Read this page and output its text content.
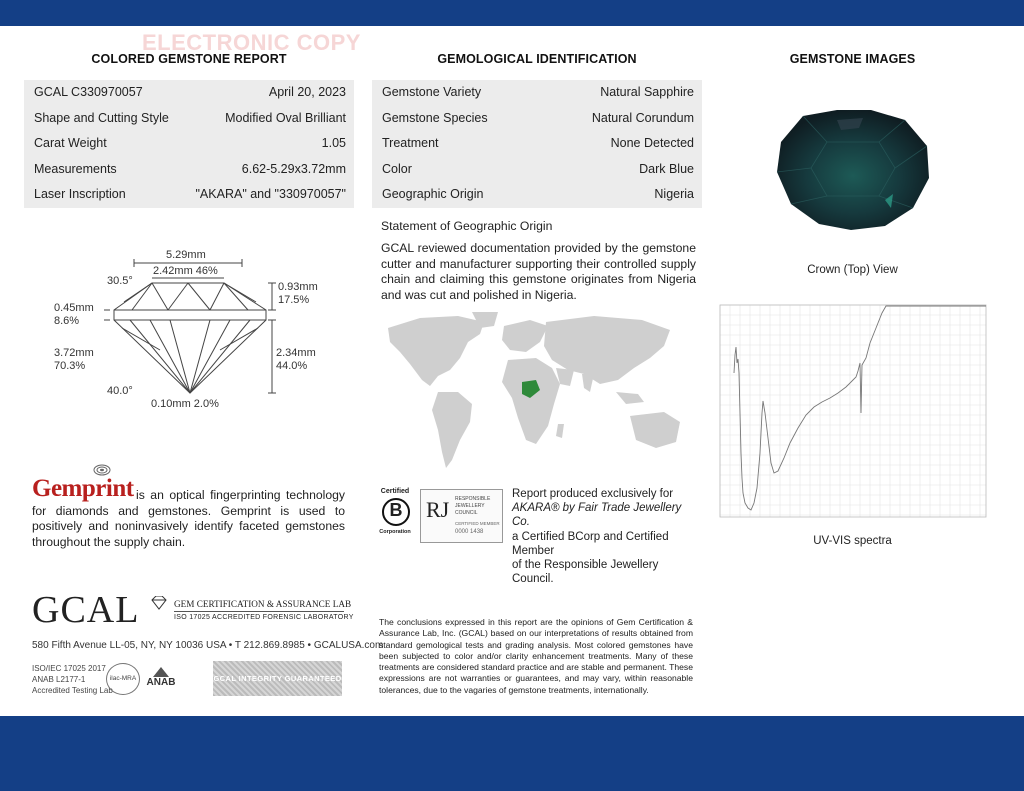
ELECTRONIC COPY
COLORED GEMSTONE REPORT	GEMOLOGICAL IDENTIFICATION	GEMSTONE IMAGES
GCAL C330970057	April 20, 2023
Shape and Cutting Style	Modified Oval Brilliant
Carat Weight	1.05
Measurements	6.62-5.29x3.72mm
Laser Inscription	"AKARA" and "330970057"
Gemstone Variety	Natural Sapphire
Gemstone Species	Natural Corundum
Treatment	None Detected
Color	Dark Blue
Geographic Origin	Nigeria
5.29mm
2.42mm 46%
30.5°	0.93mm
17.5%
0.45mm
8.6%
3.72mm
70.3%
2.34mm
44.0%
40.0°
0.10mm 2.0%
Statement of Geographic Origin
GCAL reviewed documentation provided by the gemstone cutter and manufacturer supporting their controlled supply chain and claiming this gemstone originates from Nigeria and was cut and polished in Nigeria.
Gemprint is an optical fingerprinting technology for diamonds and gemstones. Gemprint is used to positively and noninvasively identify faceted gemstones throughout the supply chain.
Certified
B
Corporation
RJ RESPONSIBLE
JEWELLERY
COUNCIL
CERTIFIED MEMBER
0000 1438
Report produced exclusively for
AKARA® by Fair Trade Jewellery Co.
a Certified BCorp and Certified Member
of the Responsible Jewellery Council.
GCAL	GEM CERTIFICATION & ASSURANCE LAB
ISO 17025 ACCREDITED FORENSIC LABORATORY
580 Fifth Avenue LL-05, NY, NY 10036 USA • T 212.869.8985 • GCALUSA.com
ISO/IEC 17025 2017
ANAB L2177-1
Accredited Testing Lab
ilac-MRA	ANAB	GCAL INTEGRITY GUARANTEED
The conclusions expressed in this report are the opinions of Gem Certification & Assurance Lab, Inc. (GCAL) based on our interpretations of results obtained from standard gemological tests and grading analysis. Most colored gemstones have been subjected to color and/or clarity enhancement treatments. Many of these treatments are considered standard practice and are stable and permanent. These expressions are not warranties or guarantees, and may vary, within reasonable tolerances, due to the vagaries of gemstone treatments, internationally.
Crown (Top) View
UV-VIS spectra
